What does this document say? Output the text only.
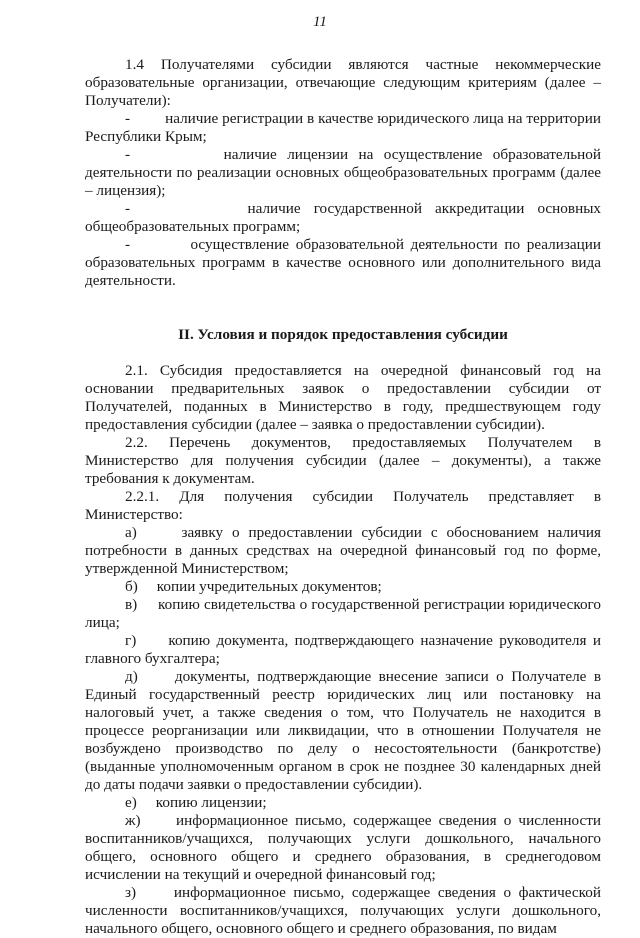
11

1.4 Получателями субсидии являются частные некоммерческие образовательные организации, отвечающие следующим критериям (далее – Получатели):

-         наличие регистрации в качестве юридического лица на территории Республики Крым;

-         наличие лицензии на осуществление образовательной деятельности по реализации основных общеобразовательных программ (далее – лицензия);

-         наличие государственной аккредитации основных общеобразовательных программ;

-         осуществление образовательной деятельности по реализации образовательных программ в качестве основного или дополнительного вида деятельности.

II. Условия и порядок предоставления субсидии

2.1. Субсидия предоставляется на очередной финансовый год на основании предварительных заявок о предоставлении субсидии от Получателей, поданных в Министерство в году, предшествующем году предоставления субсидии (далее – заявка о предоставлении субсидии).

2.2. Перечень документов, предоставляемых Получателем в Министерство для получения субсидии (далее – документы), а также требования к документам.

2.2.1. Для получения субсидии Получатель представляет в Министерство:

а)     заявку о предоставлении субсидии с обоснованием наличия потребности в данных средствах на очередной финансовый год по форме, утвержденной Министерством;

б)     копии учредительных документов;

в)     копию свидетельства о государственной регистрации юридического лица;

г)     копию документа, подтверждающего назначение руководителя и главного бухгалтера;

д)     документы, подтверждающие внесение записи о Получателе в Единый государственный реестр юридических лиц или постановку на налоговый учет, а также сведения о том, что Получатель не находится в процессе реорганизации или ликвидации, что в отношении Получателя не возбуждено производство по делу о несостоятельности (банкротстве) (выданные уполномоченным органом в срок не позднее 30 календарных дней до даты подачи заявки о предоставлении субсидии).

е)     копию лицензии;

ж)     информационное письмо, содержащее сведения о численности воспитанников/учащихся, получающих услуги дошкольного, начального общего, основного общего и среднего образования, в среднегодовом исчислении на текущий и очередной финансовый год;

з)     информационное письмо, содержащее сведения о фактической численности воспитанников/учащихся, получающих услуги дошкольного, начального общего, основного общего и среднего образования, по видам
